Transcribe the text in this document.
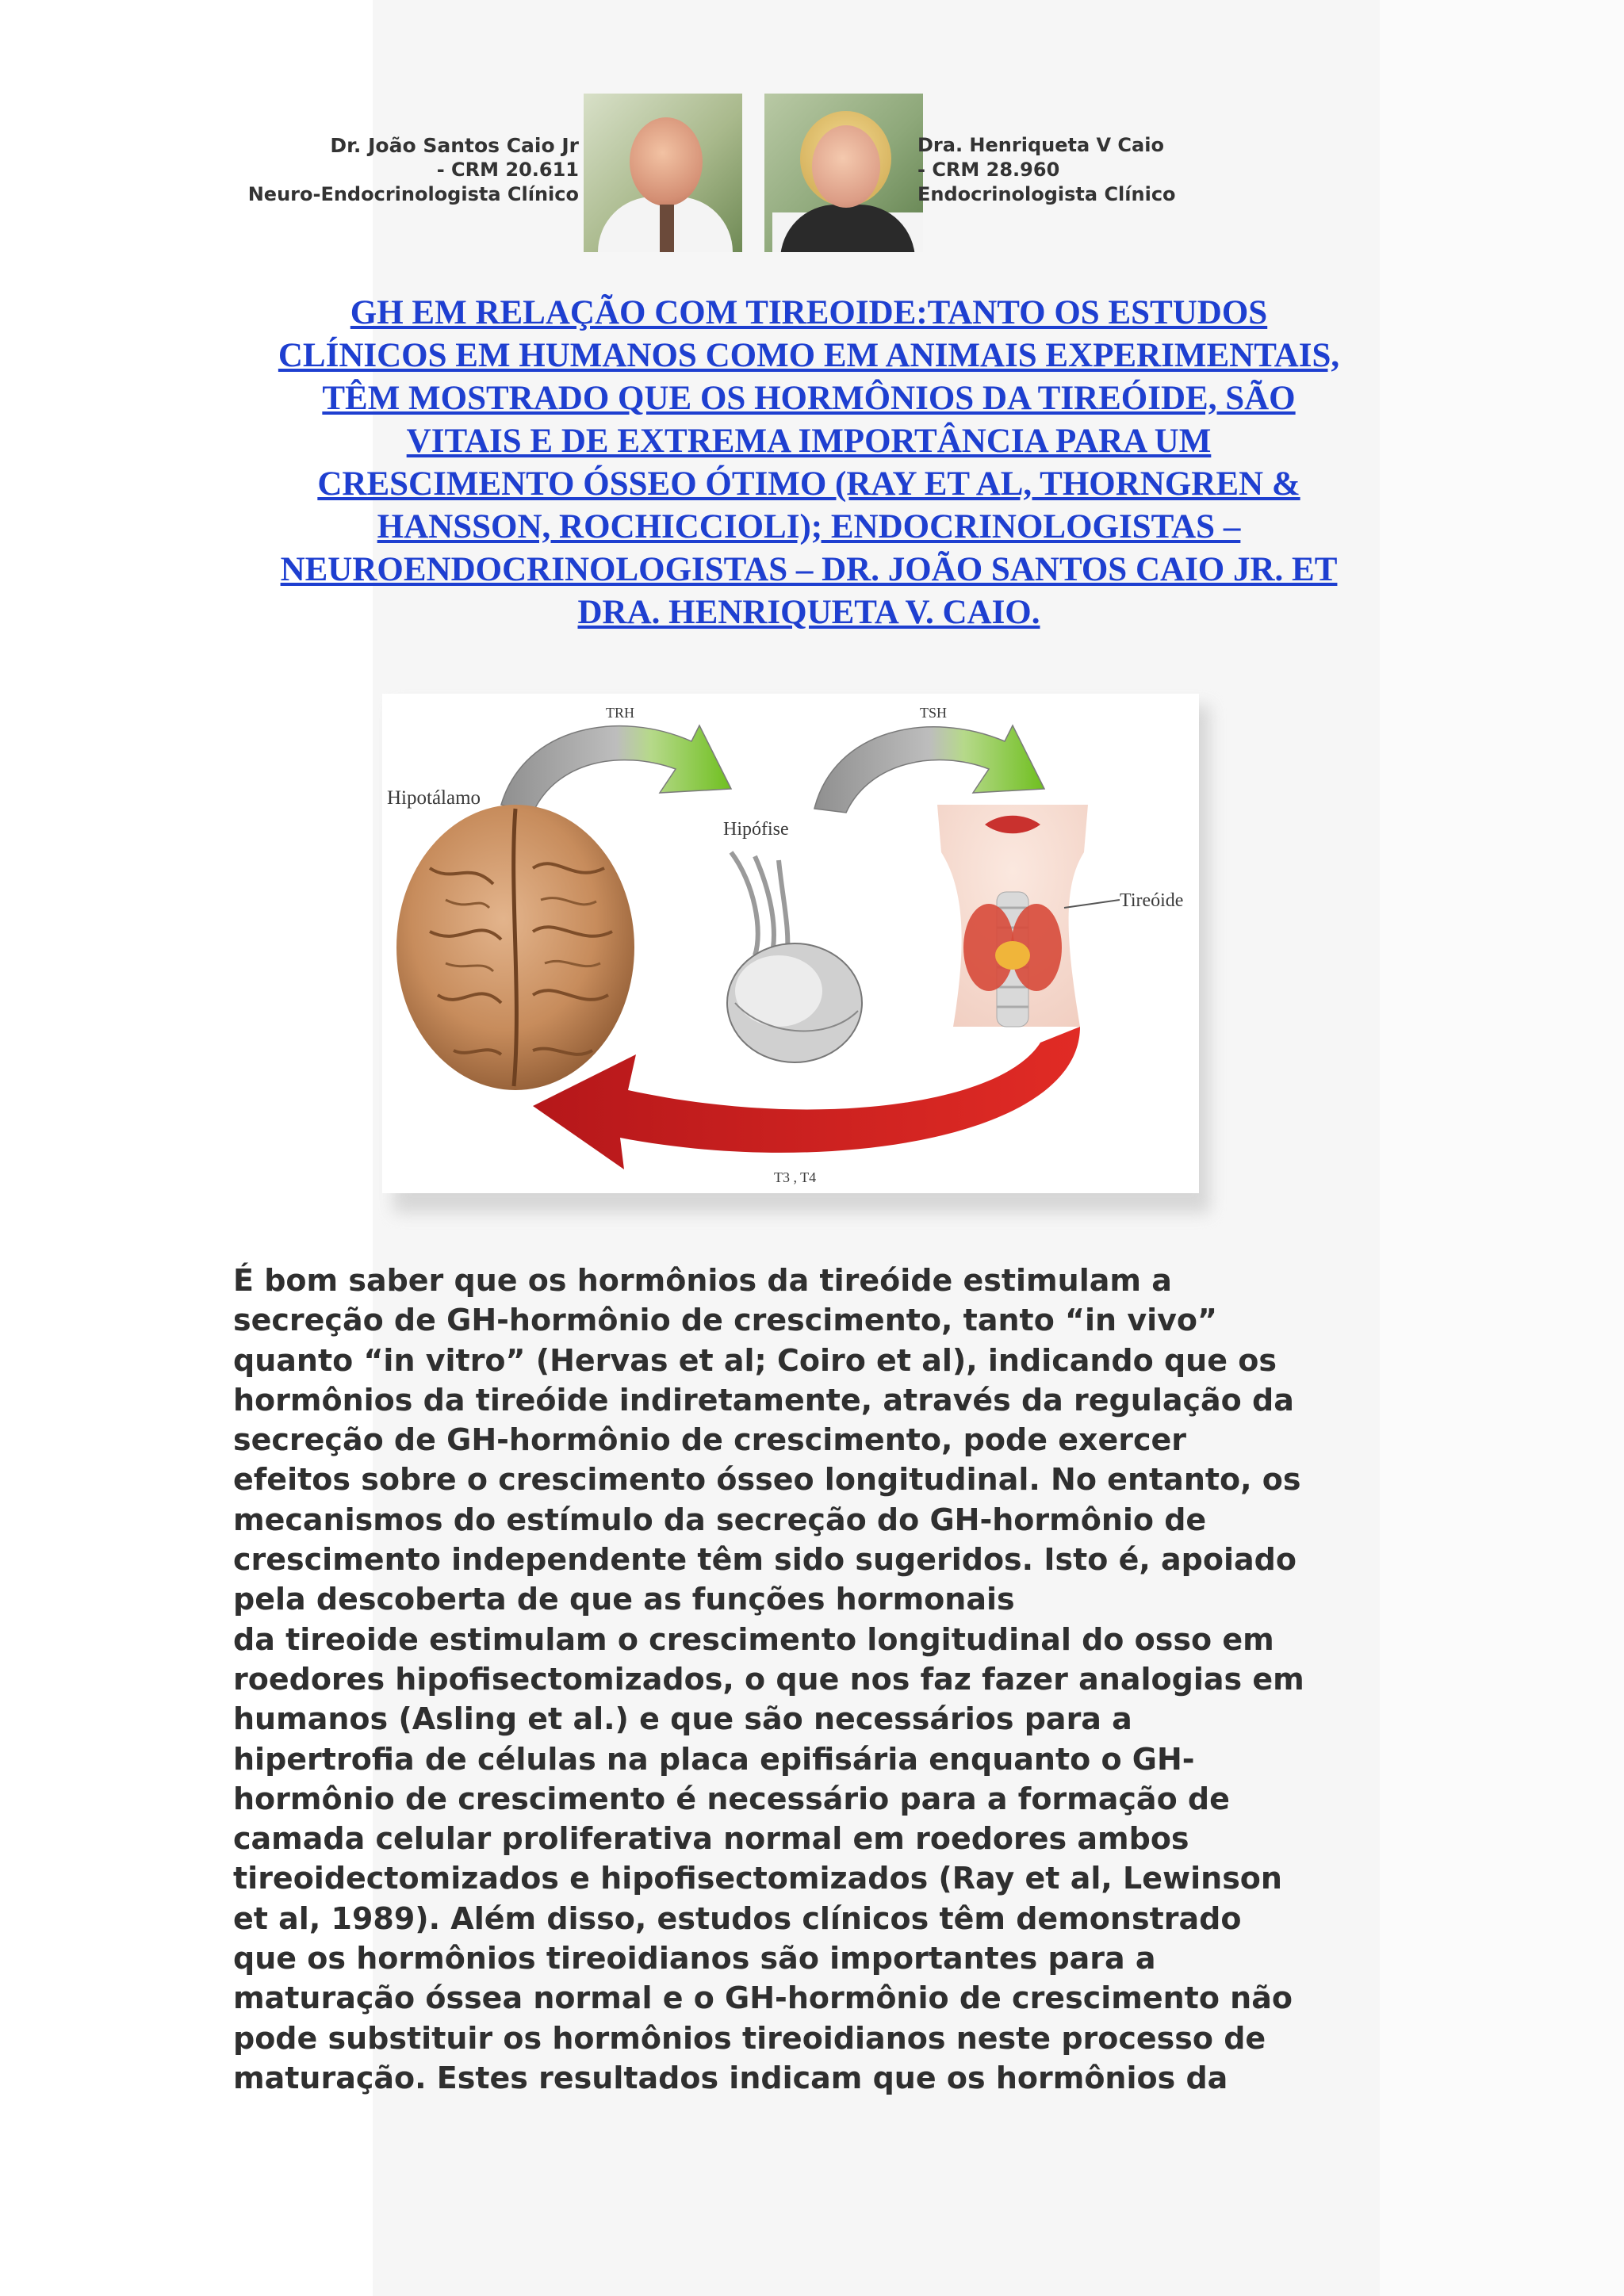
Dr. João Santos Caio Jr
- CRM 20.611
Neuro-Endocrinologista Clínico
Dra. Henriqueta V Caio
- CRM 28.960
Endocrinologista Clínico
GH EM RELAÇÃO COM TIREOIDE:TANTO OS ESTUDOS
CLÍNICOS EM HUMANOS COMO EM ANIMAIS EXPERIMENTAIS,
TÊM MOSTRADO QUE OS HORMÔNIOS DA TIREÓIDE, SÃO
VITAIS E DE EXTREMA IMPORTÂNCIA PARA UM
CRESCIMENTO ÓSSEO ÓTIMO (RAY ET AL, THORNGREN &
HANSSON, ROCHICCIOLI); ENDOCRINOLOGISTAS –
NEUROENDOCRINOLOGISTAS – DR. JOÃO SANTOS CAIO JR. ET
DRA. HENRIQUETA V. CAIO.
TRH	TSH
Hipotálamo
Hipófise
Tireóide
T3 , T4

É bom saber que os hormônios da tireóide estimulam a
secreção de GH-hormônio de crescimento, tanto “in vivo”
quanto “in vitro” (Hervas et al; Coiro et al), indicando que os
hormônios da tireóide indiretamente, através da regulação da
secreção de GH-hormônio de crescimento, pode exercer
efeitos sobre o crescimento ósseo longitudinal. No entanto, os
mecanismos do estímulo da secreção do GH-hormônio de
crescimento independente têm sido sugeridos. Isto é, apoiado
pela descoberta de que as funções hormonais
da tireoide estimulam o crescimento longitudinal do osso em
roedores hipofisectomizados, o que nos faz fazer analogias em
humanos (Asling et al.) e que são necessários para a
hipertrofia de células na placa epifisária enquanto o GH-
hormônio de crescimento é necessário para a formação de
camada celular proliferativa normal em roedores ambos
tireoidectomizados e hipofisectomizados (Ray et al, Lewinson
et al, 1989). Além disso, estudos clínicos têm demonstrado
que os hormônios tireoidianos são importantes para a
maturação óssea normal e o GH-hormônio de crescimento não
pode substituir os hormônios tireoidianos neste processo de
maturação. Estes resultados indicam que os hormônios da
